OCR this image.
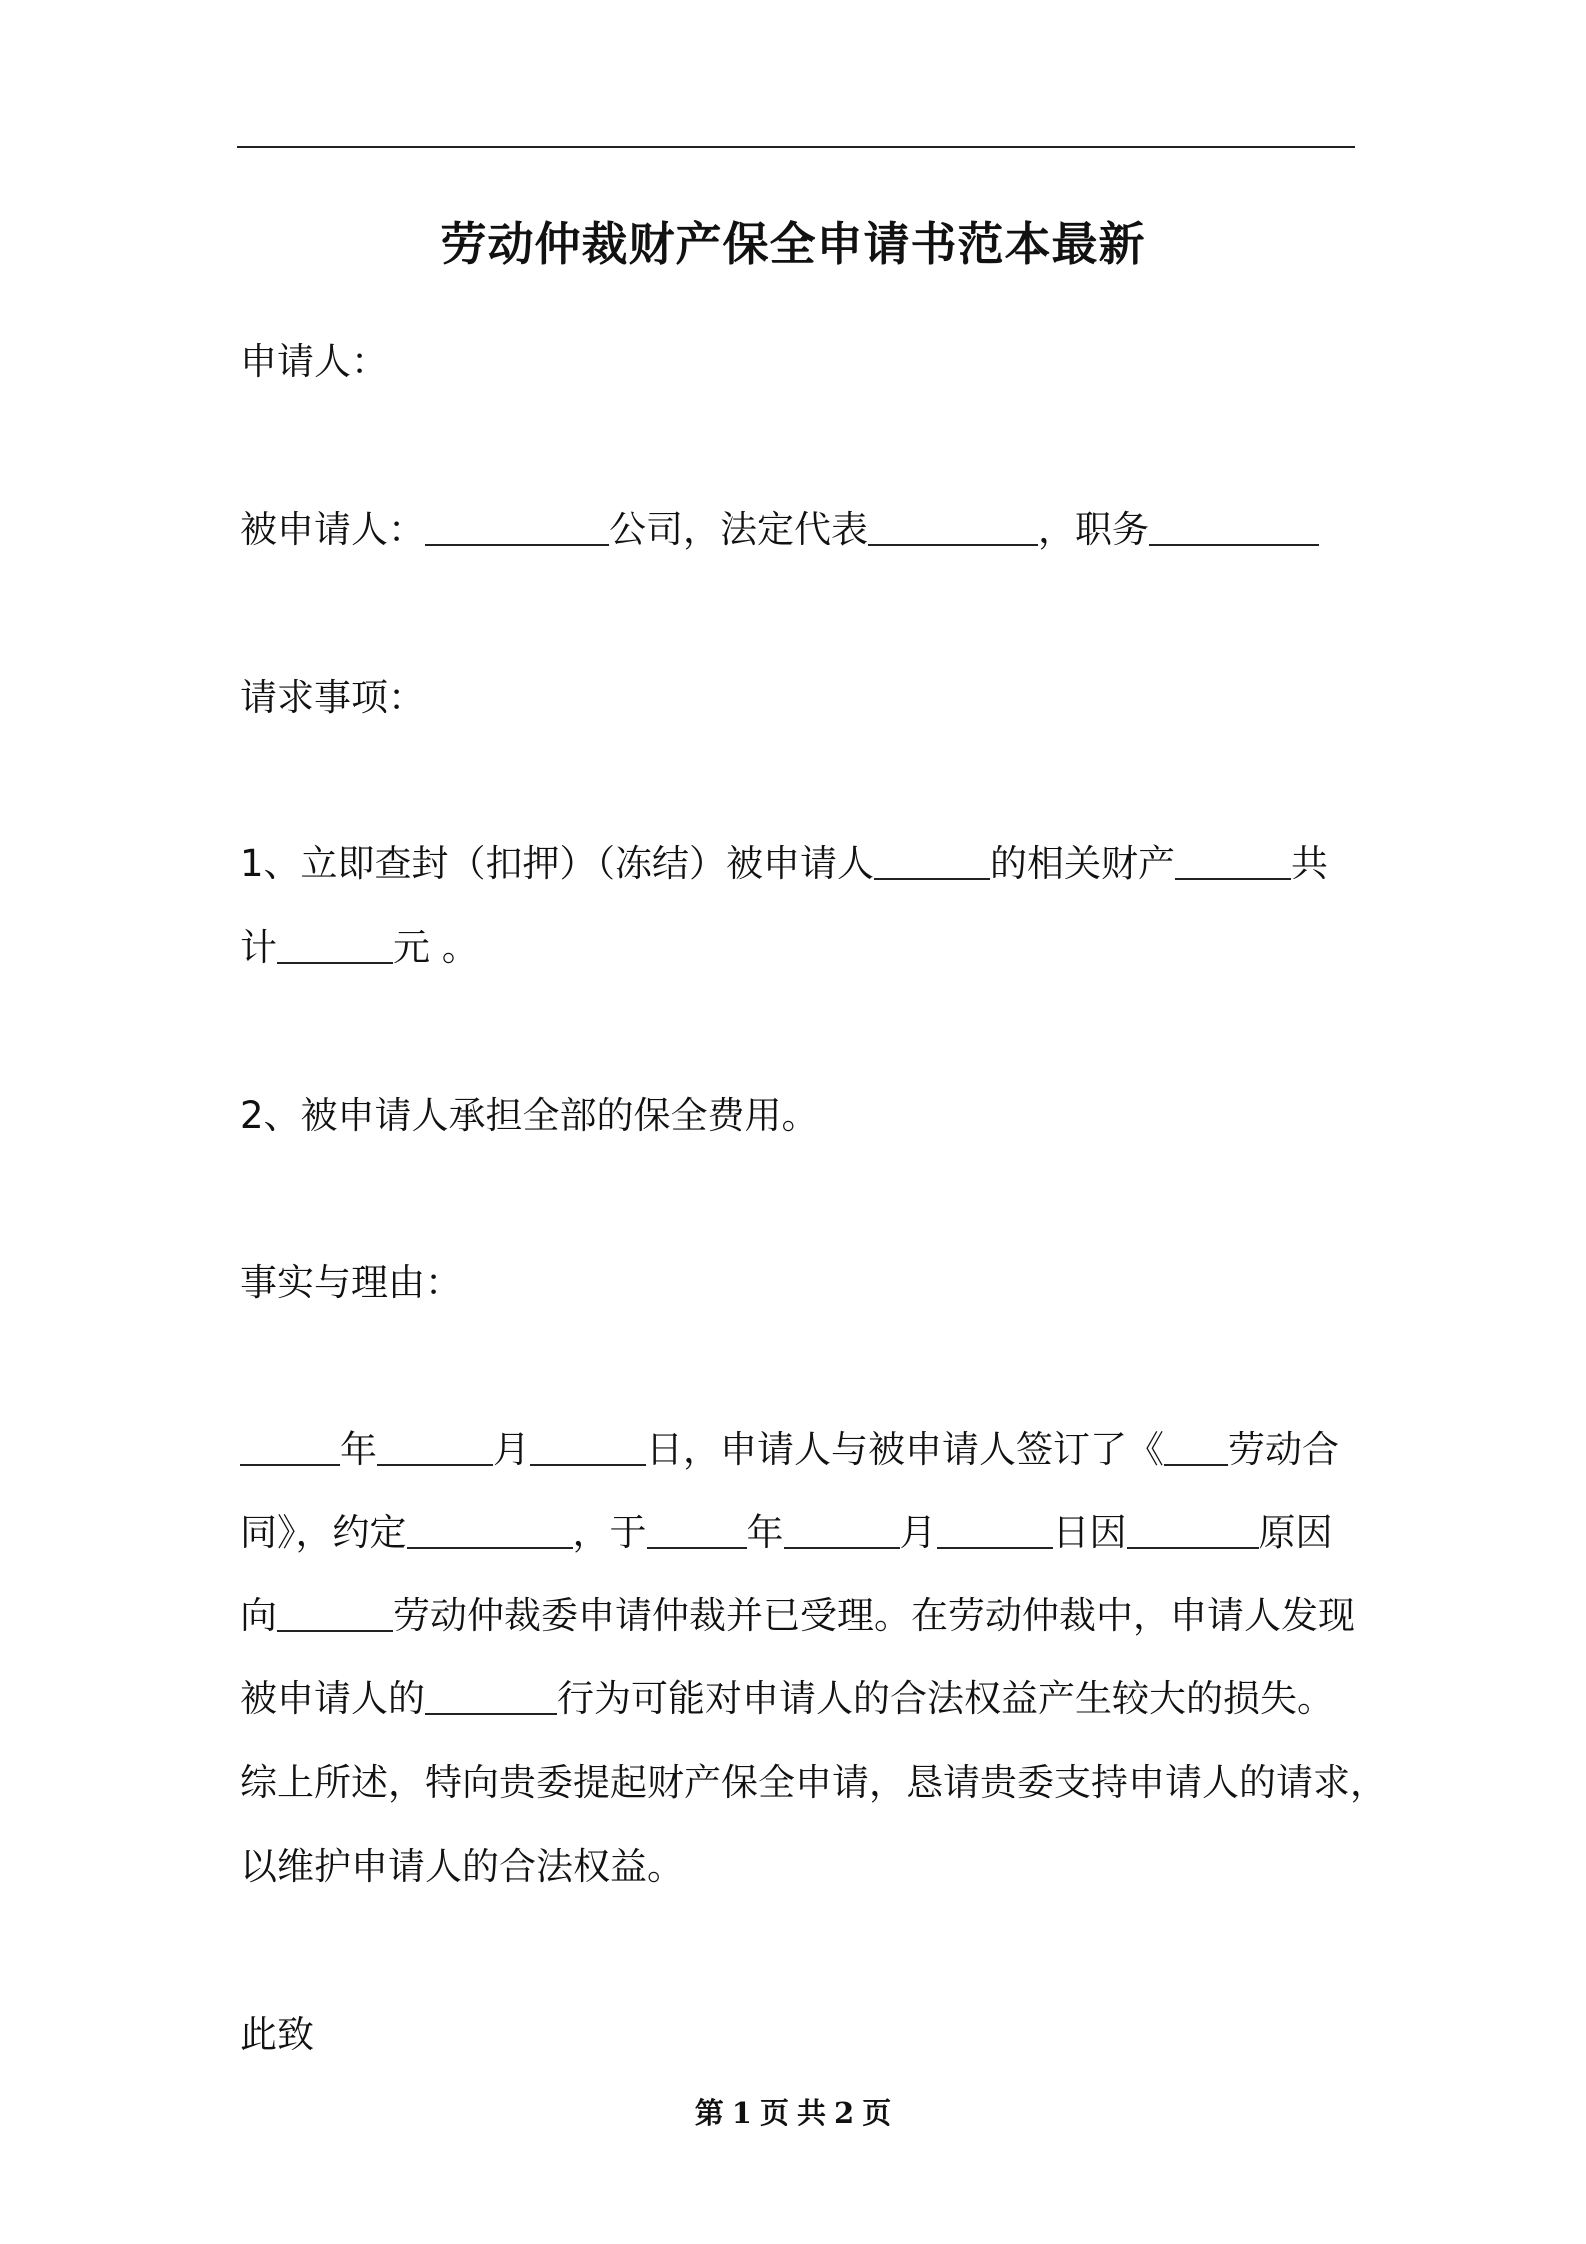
劳动仲裁财产保全申请书范本最新
申请人：
被申请人：	公司，法定代表	，职务
请求事项：
1、立即查封（扣押）（冻结）被申请人	的相关财产	共
计	元 。
2、被申请人承担全部的保全费用。
事实与理由：
年	月	日，申请人与被申请人签订了《 劳动合
同》，约定	，于	年	月	日因	原因
向	劳动仲裁委申请仲裁并已受理。在劳动仲裁中，申请人发现
被申请人的	行为可能对申请人的合法权益产生较大的损失。
综上所述，特向贵委提起财产保全申请，恳请贵委支持申请人的请求，
以维护申请人的合法权益。
此致
第 1 页 共 2 页
